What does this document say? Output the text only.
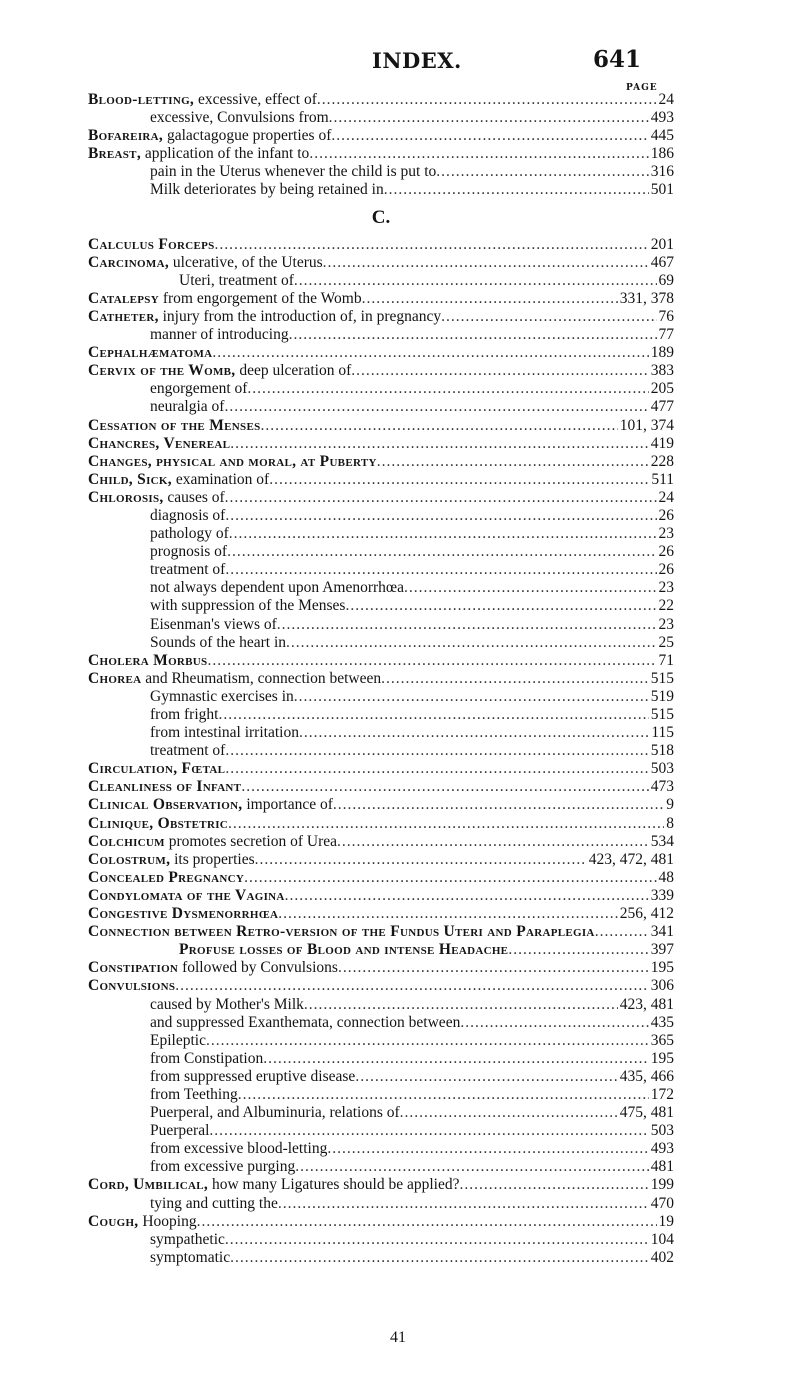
INDEX.	641
PAGE
Blood-letting, excessive, effect of .....	24
excessive, Convulsions from .....	493
Bofareira, galactagogue properties of .....	445
Breast, application of the infant to .....	186
pain in the Uterus whenever the child is put to .....	316
Milk deteriorates by being retained in .....	501
C.
Calculus Forceps .....	201
Carcinoma, ulcerative, of the Uterus .....	467
Uteri, treatment of .....	69
Catalepsy from engorgement of the Womb .....	331, 378
Catheter, injury from the introduction of, in pregnancy .....	76
manner of introducing .....	77
Cephalhæmatoma .....	189
Cervix of the Womb, deep ulceration of .....	383
engorgement of .....	205
neuralgia of .....	477
Cessation of the Menses .....	101, 374
Chancres, Venereal .....	419
Changes, physical and moral, at Puberty .....	228
Child, Sick, examination of .....	511
Chlorosis, causes of .....	24
diagnosis of .....	26
pathology of .....	23
prognosis of .....	26
treatment of .....	26
not always dependent upon Amenorrhœa .....	23
with suppression of the Menses .....	22
Eisenman's views of .....	23
Sounds of the heart in .....	25
Cholera Morbus .....	71
Chorea and Rheumatism, connection between .....	515
Gymnastic exercises in .....	519
from fright .....	515
from intestinal irritation .....	115
treatment of .....	518
Circulation, Fœtal .....	503
Cleanliness of Infant .....	473
Clinical Observation, importance of .....	9
Clinique, Obstetric .....	8
Colchicum promotes secretion of Urea .....	534
Colostrum, its properties .....	423, 472, 481
Concealed Pregnancy .....	48
Condylomata of the Vagina .....	339
Congestive Dysmenorrhœa .....	256, 412
Connection between Retro-version of the Fundus Uteri and Paraplegia .....	341
Profuse losses of Blood and intense Headache .....	397
Constipation followed by Convulsions .....	195
Convulsions .....	306
caused by Mother's Milk .....	423, 481
and suppressed Exanthemata, connection between .....	435
Epileptic .....	365
from Constipation .....	195
from suppressed eruptive disease .....	435, 466
from Teething .....	172
Puerperal, and Albuminuria, relations of .....	475, 481
Puerperal .....	503
from excessive blood-letting .....	493
from excessive purging .....	481
Cord, Umbilical, how many Ligatures should be applied? .....	199
tying and cutting the .....	470
Cough, Hooping .....	19
sympathetic .....	104
symptomatic .....	402
41
